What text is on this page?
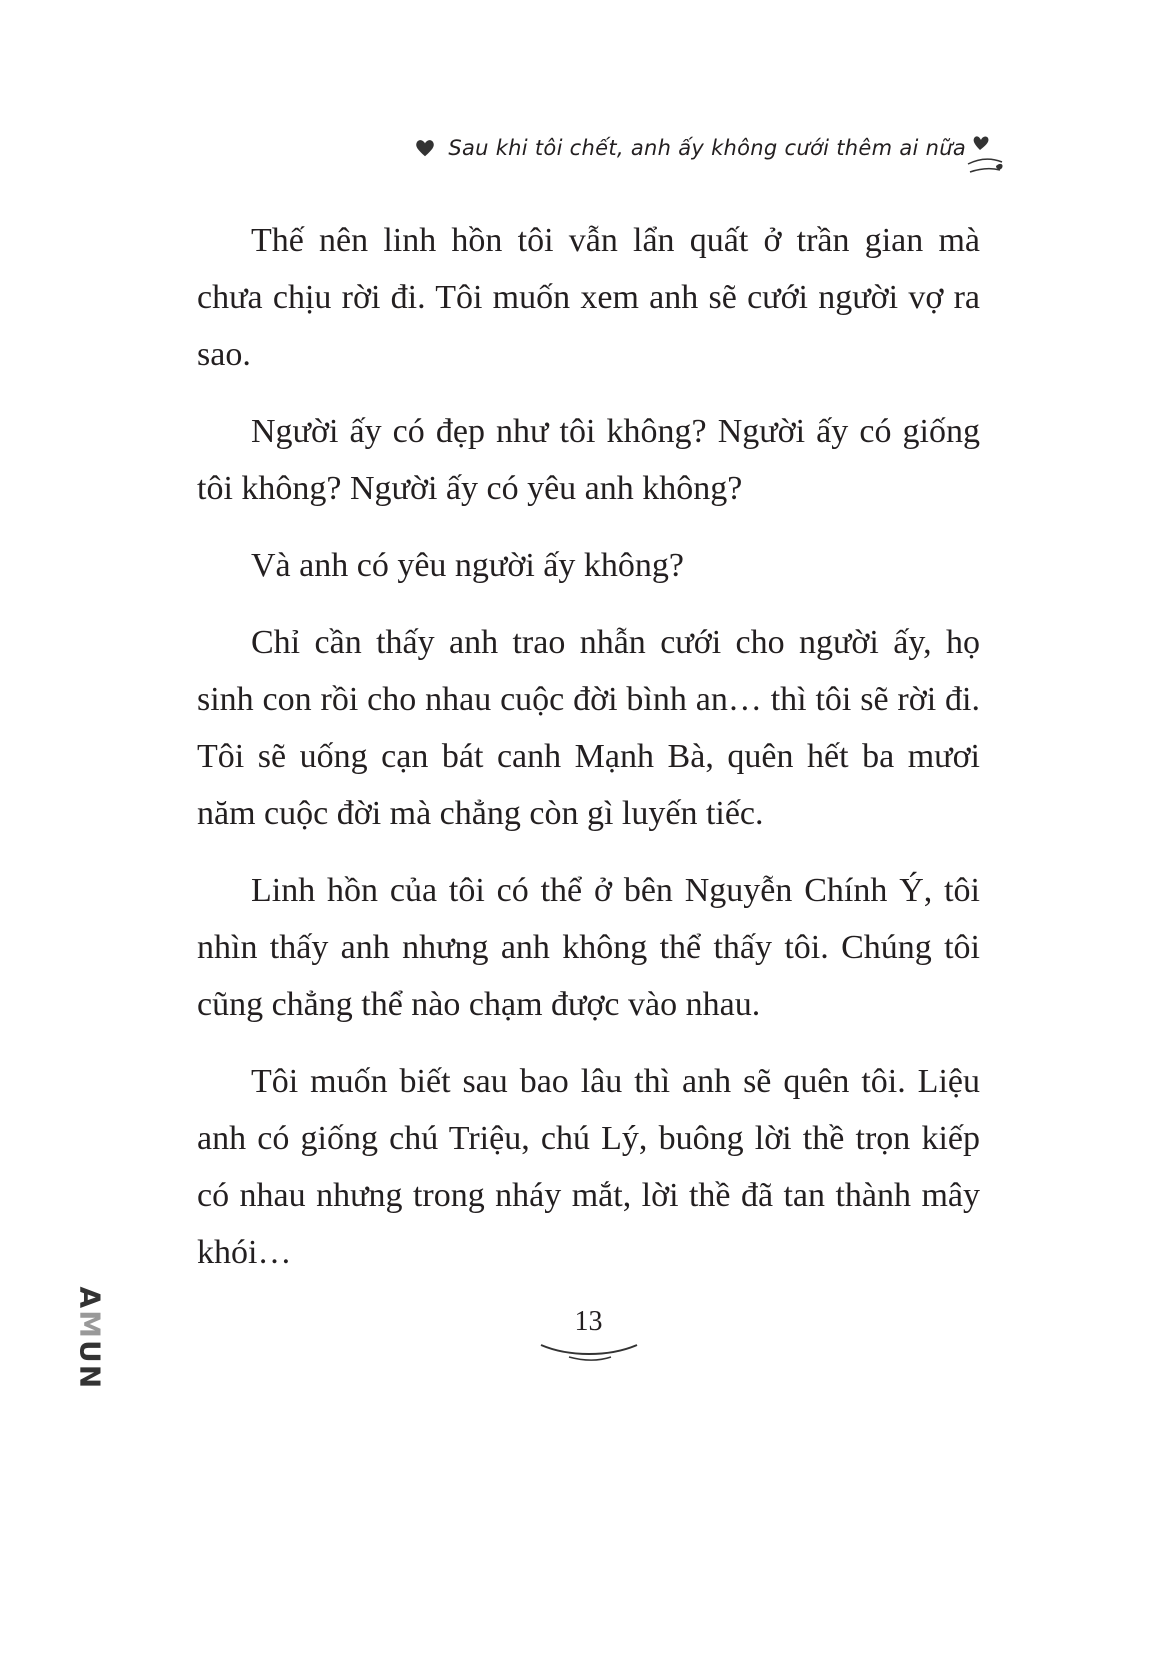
Sau khi tôi chết, anh ấy không cưới thêm ai nữa

Thế nên linh hồn tôi vẫn lẩn quất ở trần gian mà chưa chịu rời đi. Tôi muốn xem anh sẽ cưới người vợ ra sao.

Người ấy có đẹp như tôi không? Người ấy có giống tôi không? Người ấy có yêu anh không?

Và anh có yêu người ấy không?

Chỉ cần thấy anh trao nhẫn cưới cho người ấy, họ sinh con rồi cho nhau cuộc đời bình an… thì tôi sẽ rời đi. Tôi sẽ uống cạn bát canh Mạnh Bà, quên hết ba mươi năm cuộc đời mà chẳng còn gì luyến tiếc.

Linh hồn của tôi có thể ở bên Nguyễn Chính Ý, tôi nhìn thấy anh nhưng anh không thể thấy tôi. Chúng tôi cũng chẳng thể nào chạm được vào nhau.

Tôi muốn biết sau bao lâu thì anh sẽ quên tôi. Liệu anh có giống chú Triệu, chú Lý, buông lời thề trọn kiếp có nhau nhưng trong nháy mắt, lời thề đã tan thành mây khói…

13
AMUN
